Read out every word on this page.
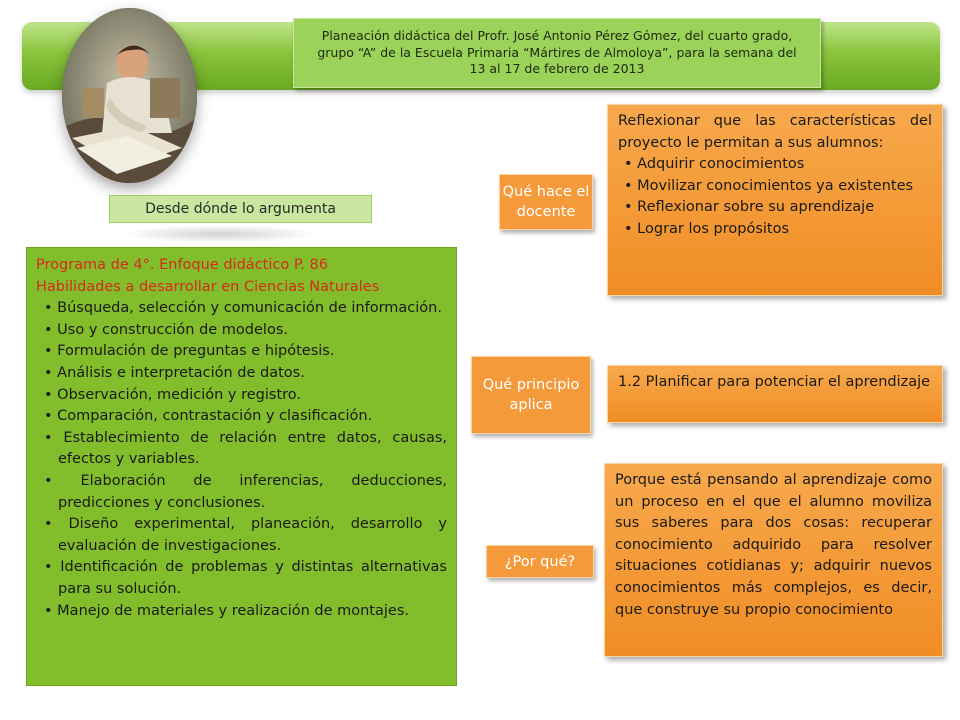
Planeación didáctica del Profr. José Antonio Pérez Gómez, del cuarto grado, grupo “A” de la Escuela Primaria “Mártires de Almoloya”, para la semana del 13 al 17 de febrero de 2013
Desde dónde lo argumenta
Programa de 4°. Enfoque didáctico P. 86
Habilidades a desarrollar en Ciencias Naturales
• Búsqueda, selección y comunicación de información.
• Uso y construcción de modelos.
• Formulación de preguntas e hipótesis.
• Análisis e interpretación de datos.
• Observación, medición y registro.
• Comparación, contrastación y clasificación.
• Establecimiento de relación entre datos, causas, efectos y variables.
• Elaboración de inferencias, deducciones, predicciones y conclusiones.
• Diseño experimental, planeación, desarrollo y evaluación de investigaciones.
• Identificación de problemas y distintas alternativas para su solución.
• Manejo de materiales y realización de montajes.
Qué hace el docente
Reflexionar que las características del proyecto le permitan a sus alumnos:
• Adquirir conocimientos
• Movilizar conocimientos ya existentes
• Reflexionar sobre su aprendizaje
• Lograr los propósitos
Qué principio aplica
1.2 Planificar para potenciar el aprendizaje
¿Por qué?
Porque está pensando al aprendizaje como un proceso en el que el alumno moviliza sus saberes para dos cosas: recuperar conocimiento adquirido para resolver situaciones cotidianas y; adquirir nuevos conocimientos más complejos, es decir, que construye su propio conocimiento
